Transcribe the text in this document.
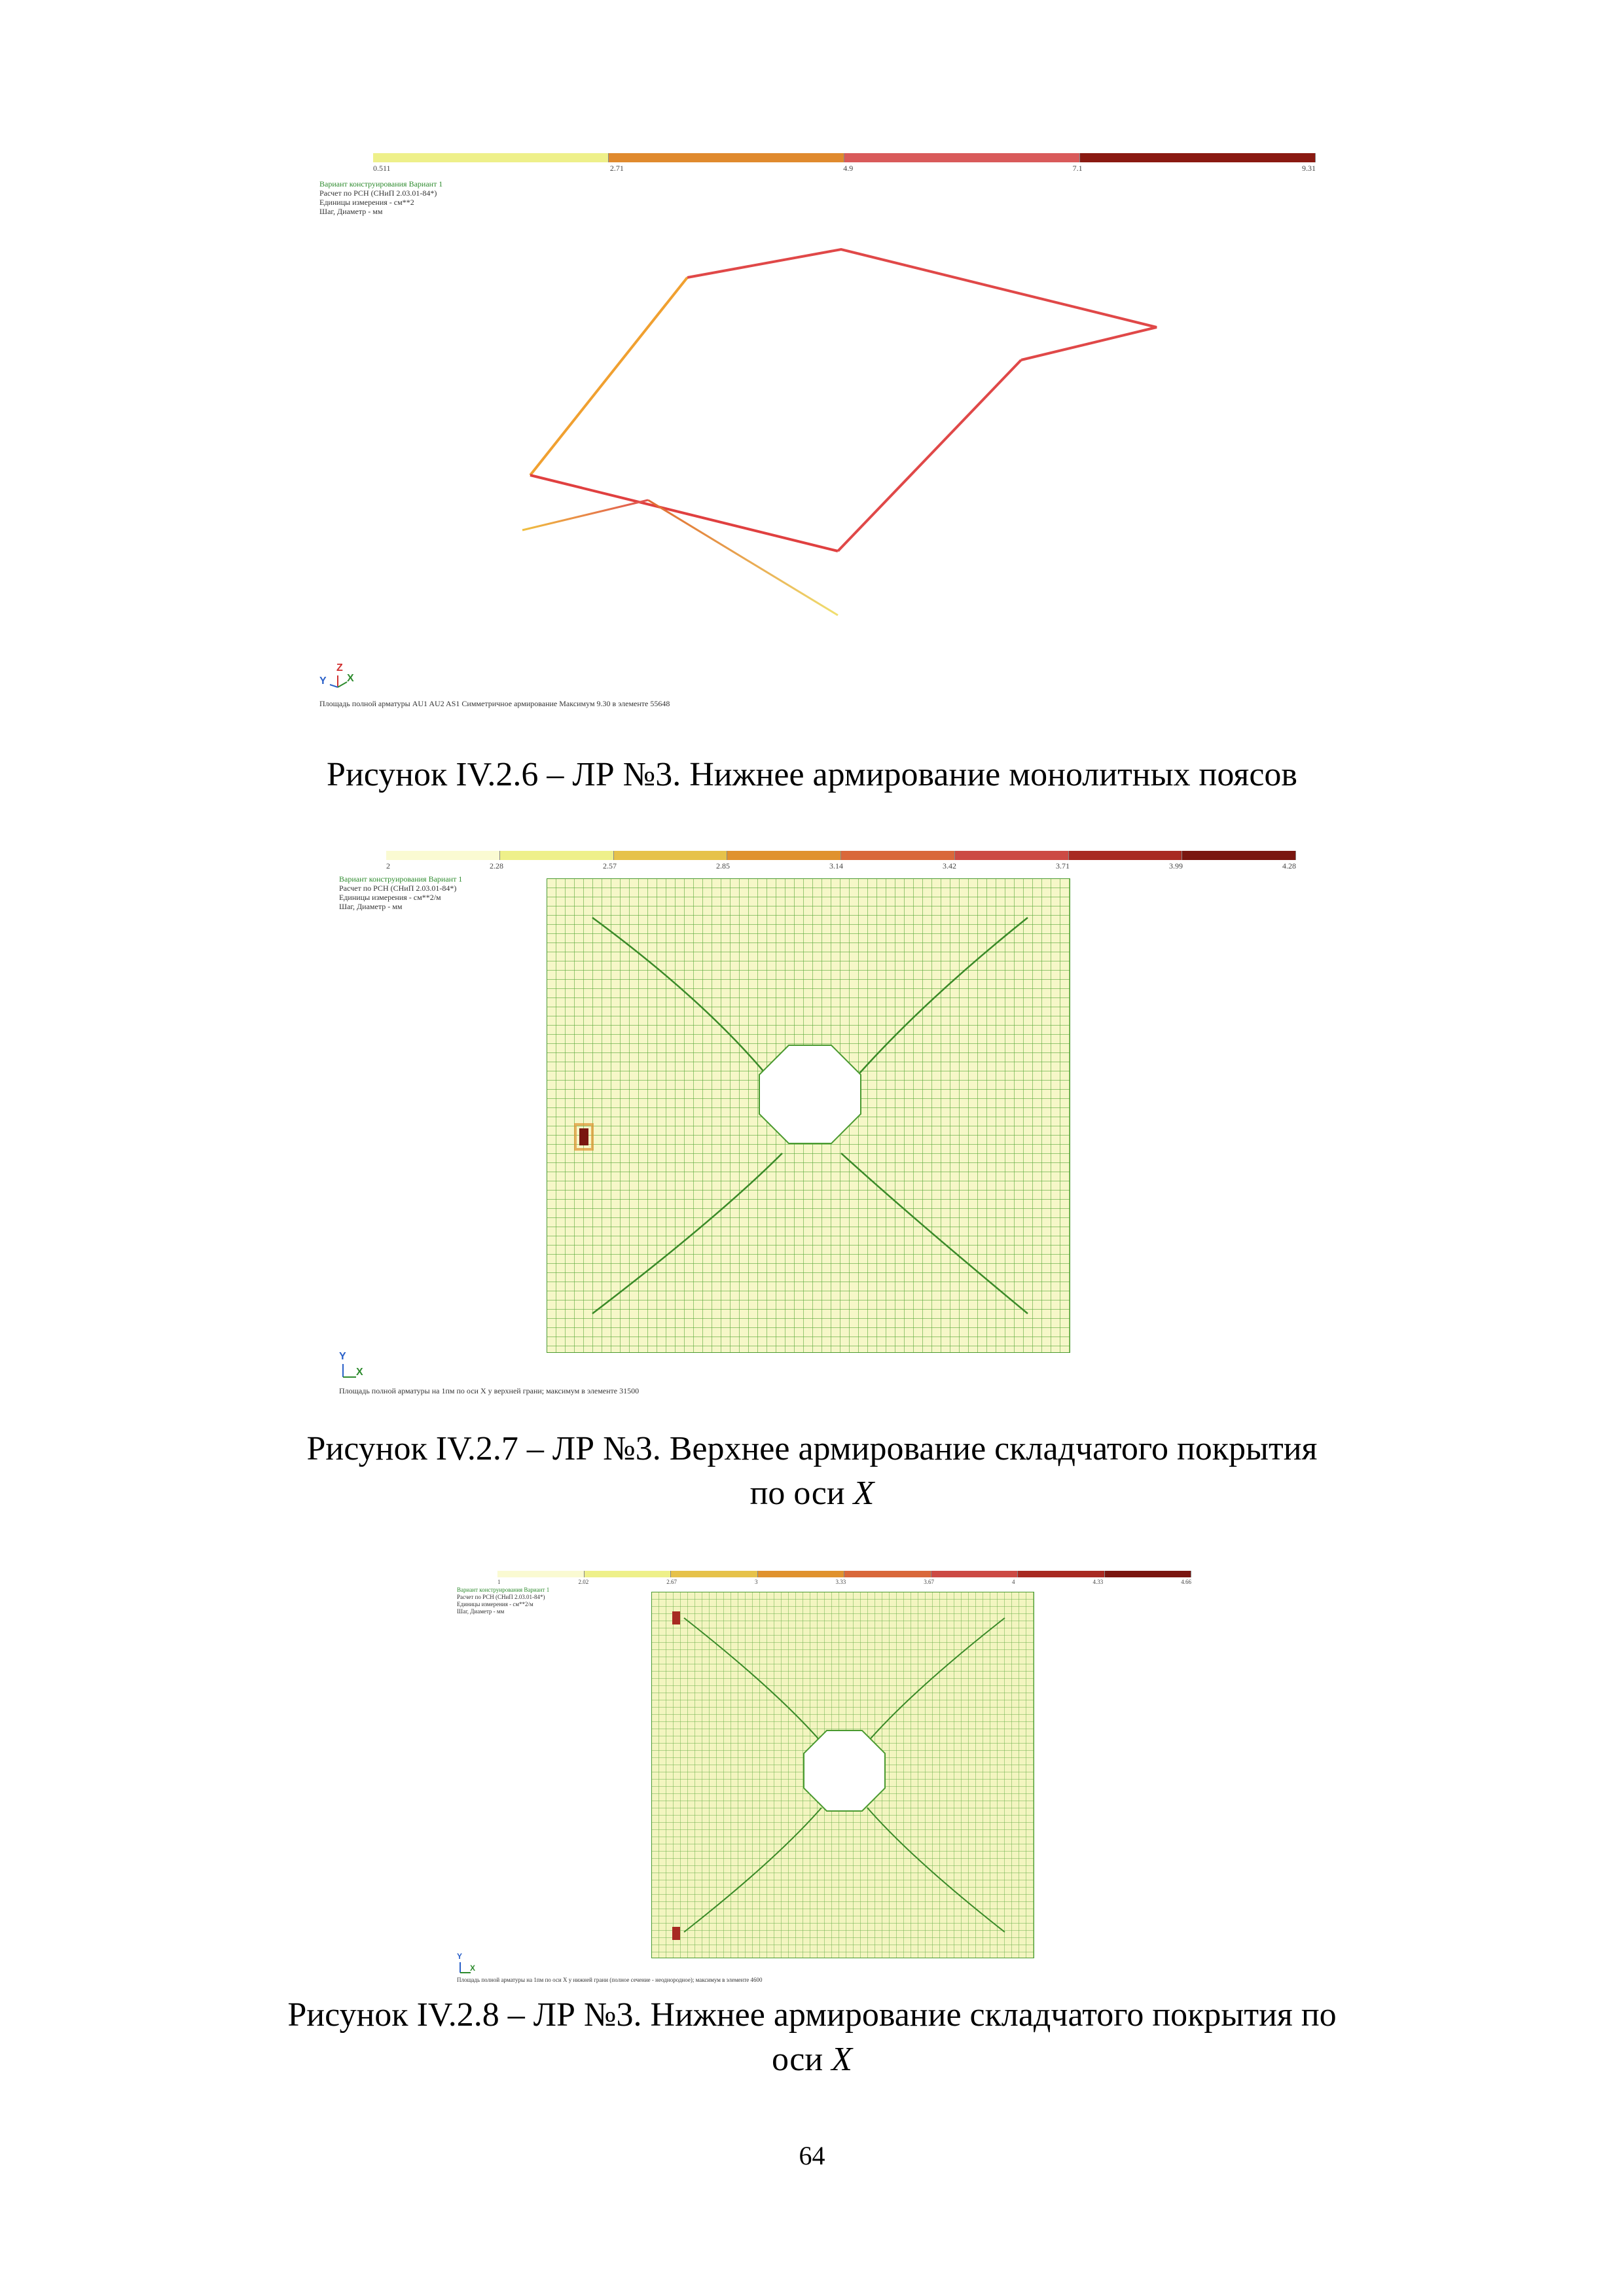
0.511	2.71	4.9	7.1	9.31
Вариант конструирования Вариант 1
Расчет по РСН (СНиП 2.03.01-84*)
Единицы измерения - см**2
Шаг, Диаметр - мм
Z
Y X
Площадь полной арматуры AU1 AU2 AS1 Симметричное армирование Максимум 9.30 в элементе 55648
Рисунок IV.2.6 – ЛР №3. Нижнее армирование монолитных поясов
2	2.28	2.57	2.85	3.14	3.42	3.71	3.99	4.28
Вариант конструирования Вариант 1
Расчет по РСН (СНиП 2.03.01-84*)
Единицы измерения - см**2/м
Шаг, Диаметр - мм
Y
X
Площадь полной арматуры на 1пм по оси X у верхней грани; максимум в элементе 31500
Рисунок IV.2.7 – ЛР №3. Верхнее армирование складчатого покрытия
по оси X
1	2.02	2.67	3	3.33	3.67	4	4.33	4.66
Вариант конструирования Вариант 1
Расчет по РСН (СНиП 2.03.01-84*)
Единицы измерения - см**2/м
Шаг, Диаметр - мм
Y
X
Площадь полной арматуры на 1пм по оси X у нижней грани (полное сечение - неоднородное); максимум в элементе 4600
Рисунок IV.2.8 – ЛР №3. Нижнее армирование складчатого покрытия по
оси X
64
